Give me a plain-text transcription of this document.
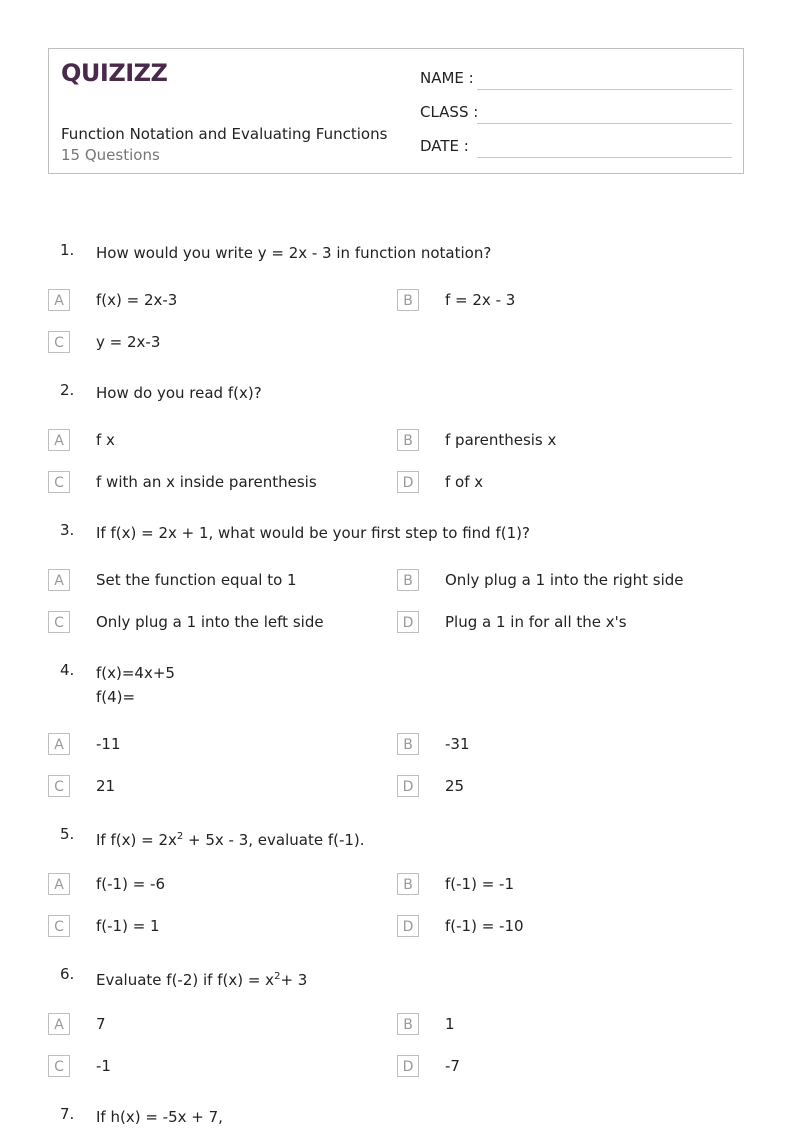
QUIZIZZ
Function Notation and Evaluating Functions
15 Questions
NAME :
CLASS :
DATE :
1. How would you write y = 2x - 3 in function notation?
A	f(x) = 2x-3	B	f = 2x - 3
C	y = 2x-3
2. How do you read f(x)?
A	f x	B	f parenthesis x
C	f with an x inside parenthesis	D	f of x
3. If f(x) = 2x + 1, what would be your first step to find f(1)?
A	Set the function equal to 1	B	Only plug a 1 into the right side
C	Only plug a 1 into the left side	D	Plug a 1 in for all the x's
4. f(x)=4x+5
f(4)=
A	-11	B	-31
C	21	D	25
5. If $f(x) = 2x^2 + 5x - 3$, evaluate f(-1).
A	f(-1) = -6	B	f(-1) = -1
C	f(-1) = 1	D	f(-1) = -10
6. Evaluate f(-2) if $f(x) = x^2+ 3$
A	7	B	1
C	-1	D	-7
7. If h(x) = -5x + 7,
